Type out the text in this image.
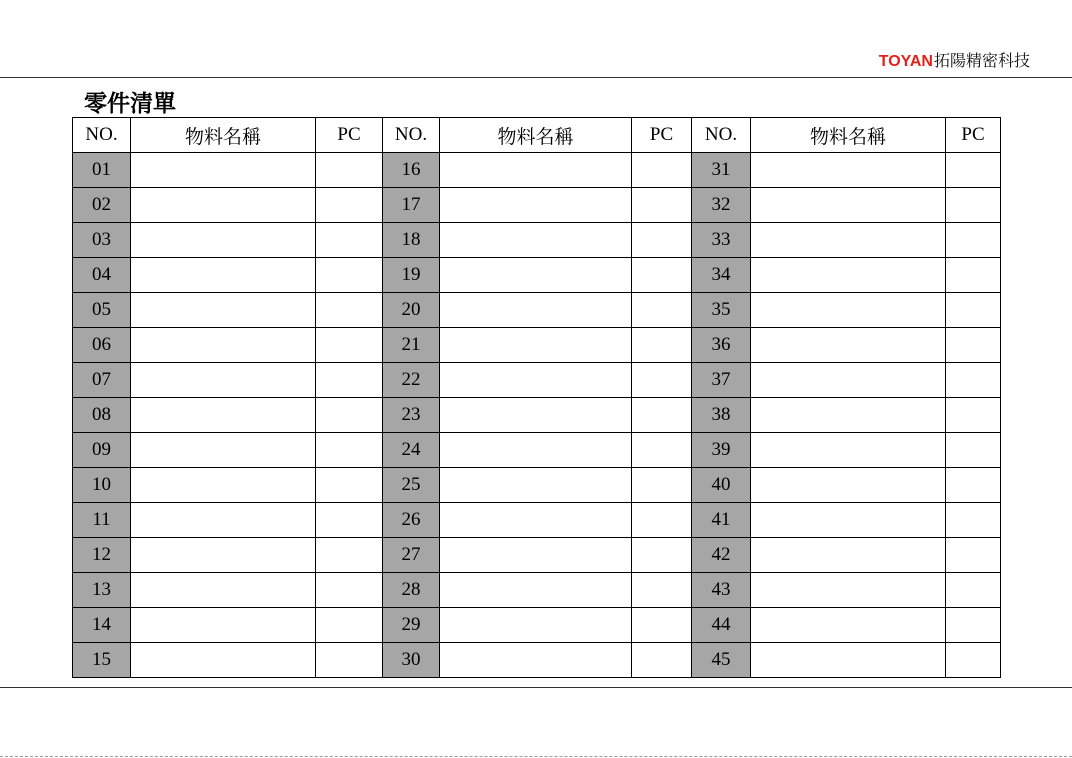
TOYAN拓陽精密科技
零件清單
NO.	物料名稱	PC	NO.	物料名稱	PC	NO.	物料名稱	PC
01			16			31		
02			17			32		
03			18			33		
04			19			34		
05			20			35		
06			21			36		
07			22			37		
08			23			38		
09			24			39		
10			25			40		
11			26			41		
12			27			42		
13			28			43		
14			29			44		
15			30			45		
